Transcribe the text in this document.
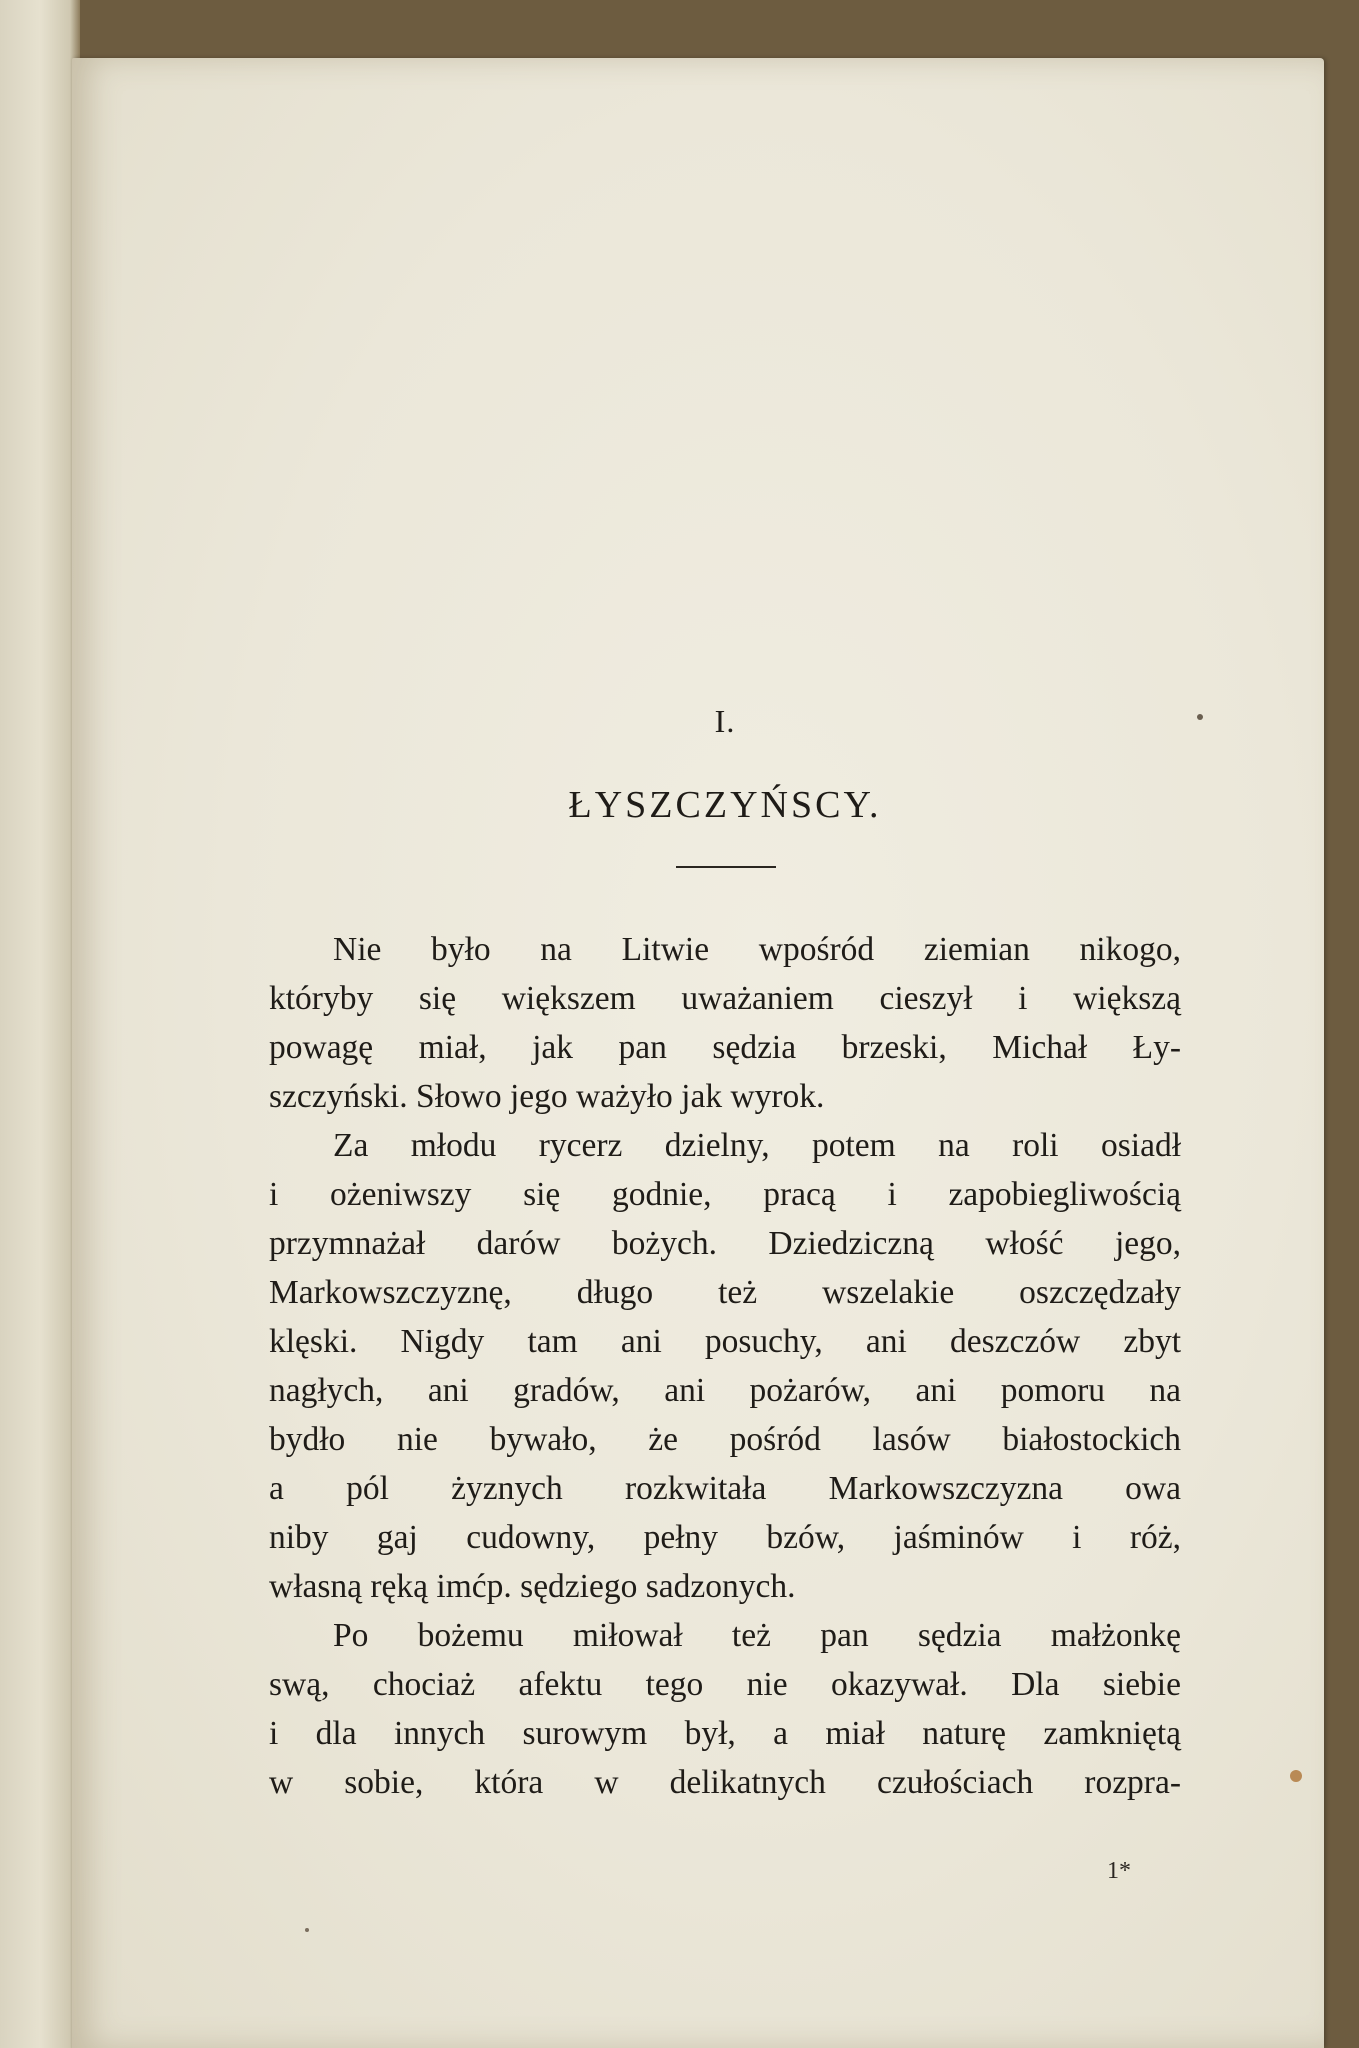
I.
ŁYSZCZYŃSCY.
Nie było na Litwie wpośród ziemian nikogo,
któryby się większem uważaniem cieszył i większą
powagę miał, jak pan sędzia brzeski, Michał Ły-
szczyński. Słowo jego ważyło jak wyrok.
Za młodu rycerz dzielny, potem na roli osiadł
i ożeniwszy się godnie, pracą i zapobiegliwością
przymnażał darów bożych. Dziedziczną włość jego,
Markowszczyznę, długo też wszelakie oszczędzały
klęski. Nigdy tam ani posuchy, ani deszczów zbyt
nagłych, ani gradów, ani pożarów, ani pomoru na
bydło nie bywało, że pośród lasów białostockich
a pól żyznych rozkwitała Markowszczyzna owa
niby gaj cudowny, pełny bzów, jaśminów i róż,
własną ręką imćp. sędziego sadzonych.
Po bożemu miłował też pan sędzia małżonkę
swą, chociaż afektu tego nie okazywał. Dla siebie
i dla innych surowym był, a miał naturę zamkniętą
w sobie, która w delikatnych czułościach rozpra-
1*
